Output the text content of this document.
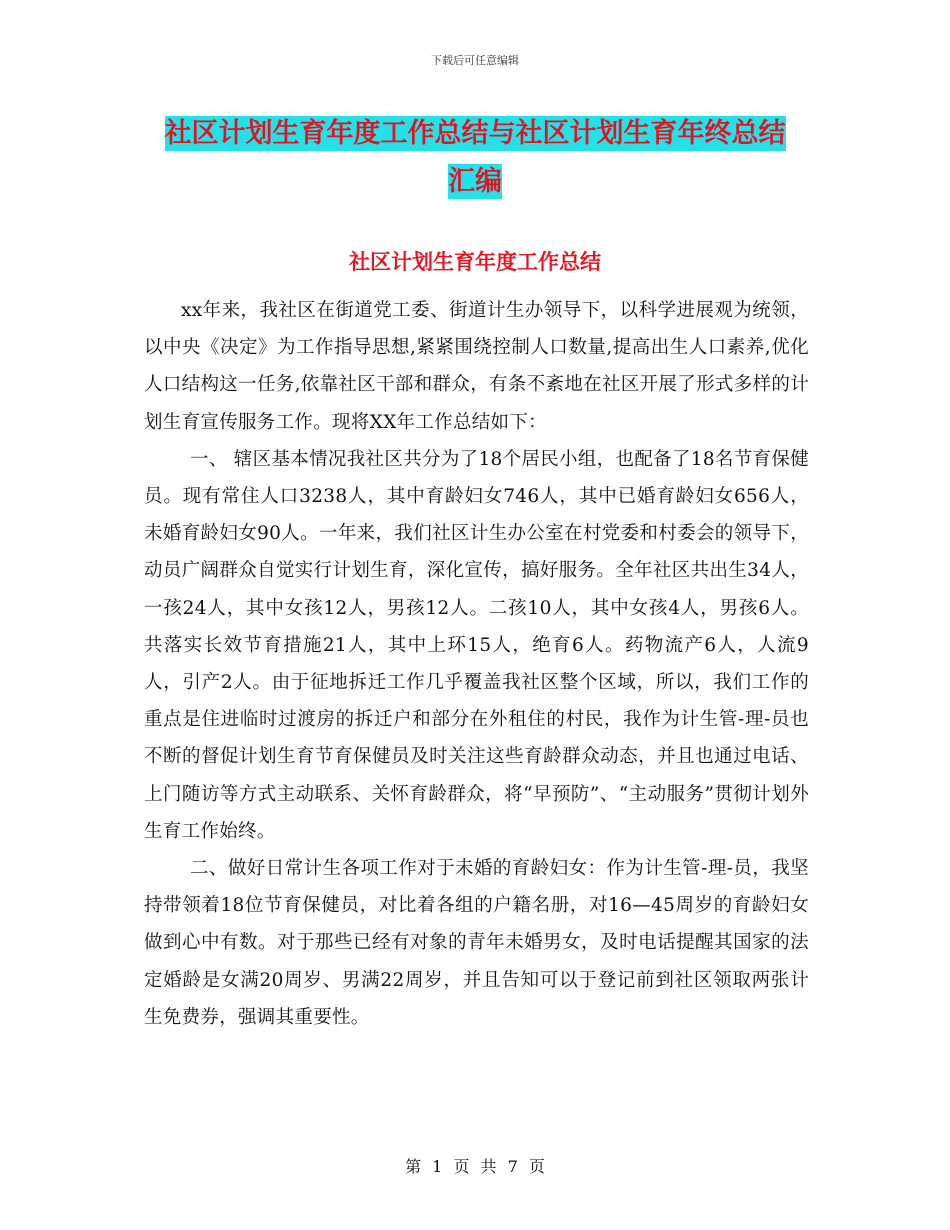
下载后可任意编辑
社区计划生育年度工作总结与社区计划生育年终总结
汇编
社区计划生育年度工作总结

xx年来，我社区在街道党工委、街道计生办领导下，以科学进展观为统领，以中央《决定》为工作指导思想,紧紧围绕控制人口数量,提高出生人口素养,优化人口结构这一任务,依靠社区干部和群众，有条不紊地在社区开展了形式多样的计划生育宣传服务工作。现将XX年工作总结如下：

一、 辖区基本情况我社区共分为了18个居民小组，也配备了18名节育保健员。现有常住人口3238人，其中育龄妇女746人，其中已婚育龄妇女656人，未婚育龄妇女90人。一年来，我们社区计生办公室在村党委和村委会的领导下，动员广阔群众自觉实行计划生育，深化宣传，搞好服务。全年社区共出生34人，一孩24人，其中女孩12人，男孩12人。二孩10人，其中女孩4人，男孩6人。共落实长效节育措施21人，其中上环15人，绝育6人。药物流产6人，人流9人，引产2人。由于征地拆迁工作几乎覆盖我社区整个区域，所以，我们工作的重点是住进临时过渡房的拆迁户和部分在外租住的村民，我作为计生管-理-员也不断的督促计划生育节育保健员及时关注这些育龄群众动态，并且也通过电话、上门随访等方式主动联系、关怀育龄群众，将“早预防”、“主动服务”贯彻计划外生育工作始终。

二、做好日常计生各项工作对于未婚的育龄妇女：作为计生管-理-员，我坚持带领着18位节育保健员，对比着各组的户籍名册，对16—45周岁的育龄妇女做到心中有数。对于那些已经有对象的青年未婚男女，及时电话提醒其国家的法定婚龄是女满20周岁、男满22周岁，并且告知可以于登记前到社区领取两张计生免费券，强调其重要性。

第 1 页 共 7 页
